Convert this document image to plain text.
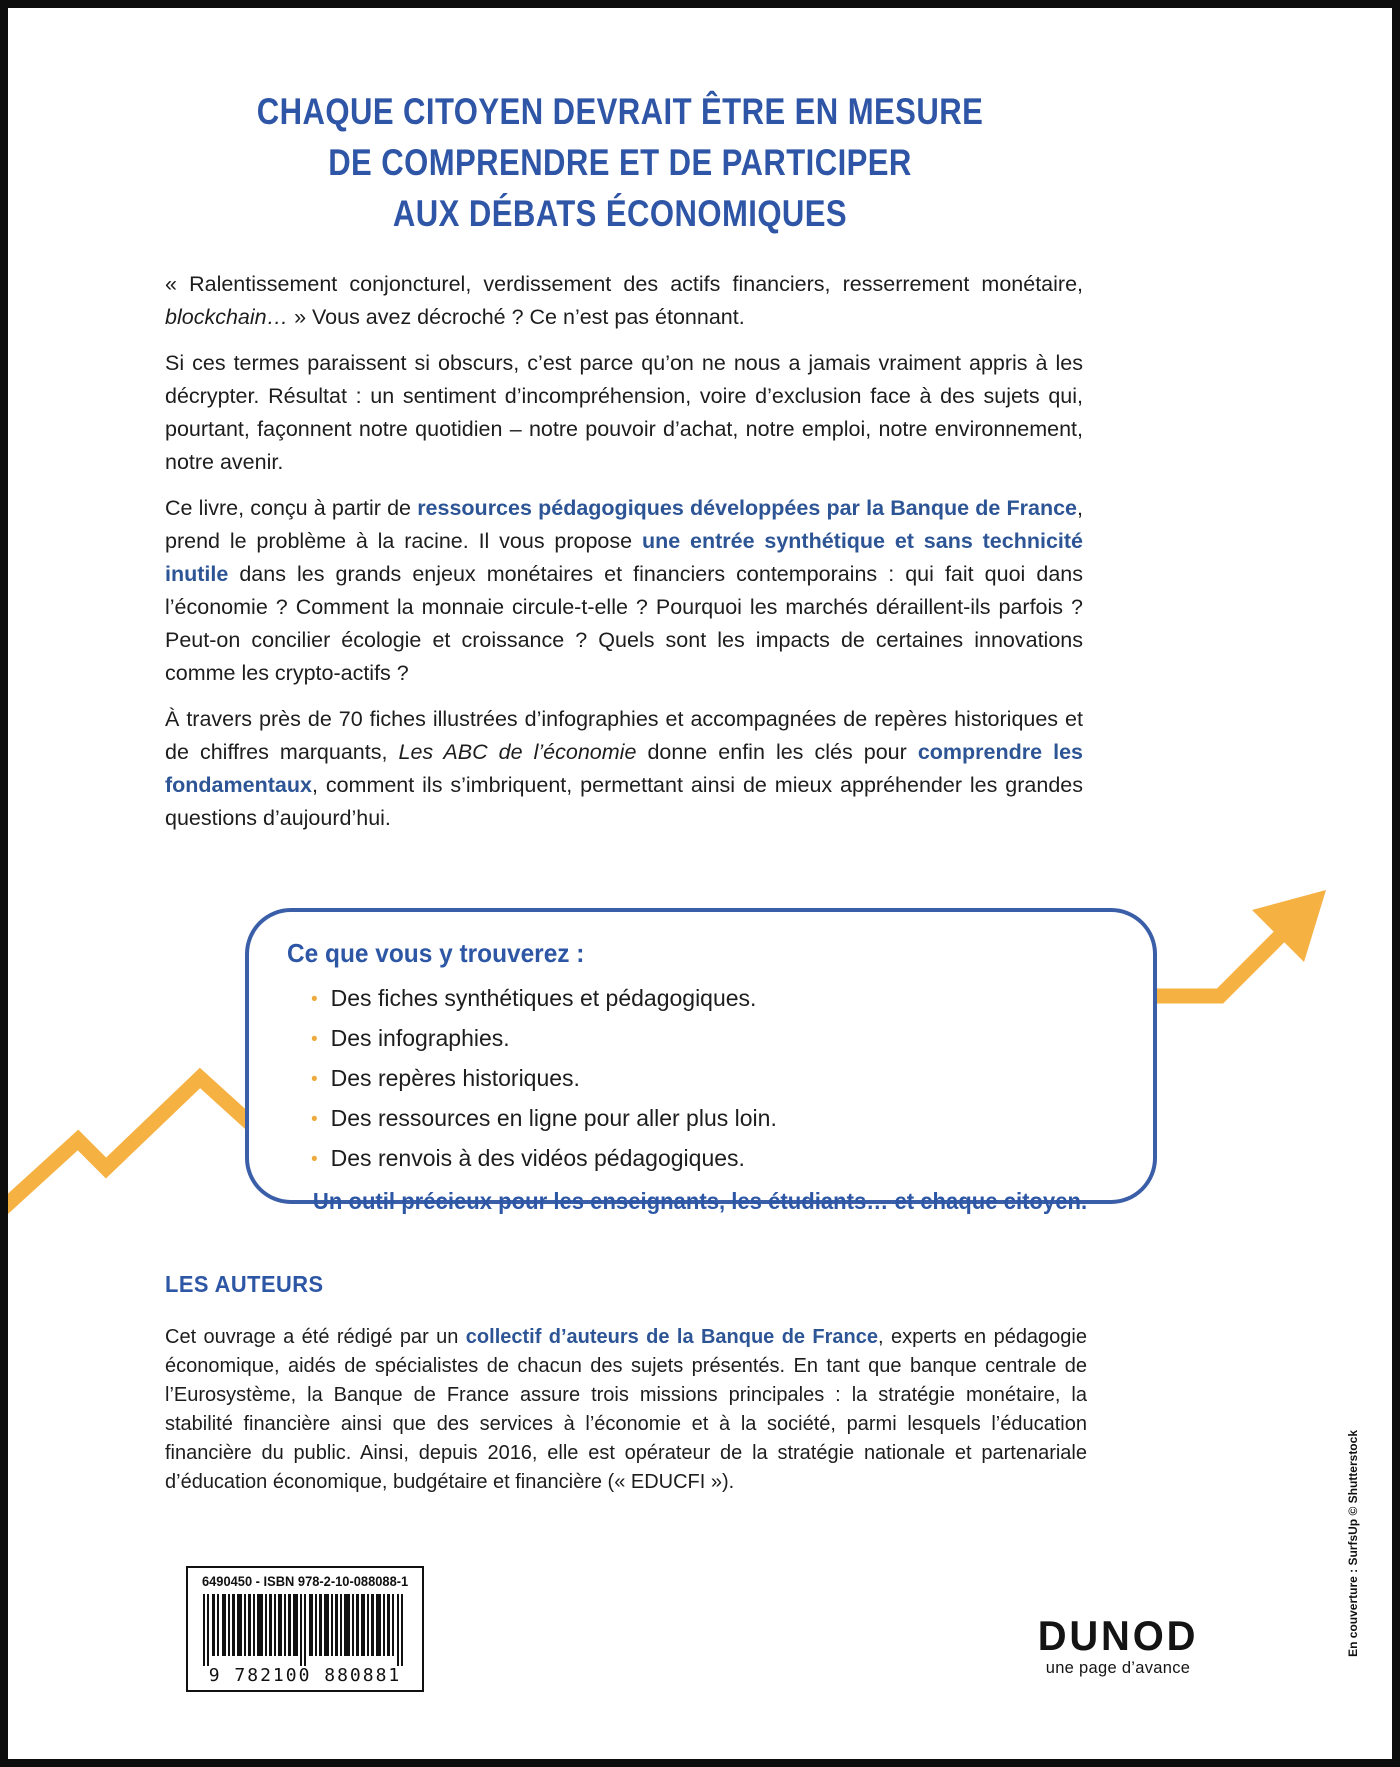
CHAQUE CITOYEN DEVRAIT ÊTRE EN MESURE
DE COMPRENDRE ET DE PARTICIPER
AUX DÉBATS ÉCONOMIQUES

« Ralentissement conjoncturel, verdissement des actifs financiers, resserrement monétaire, blockchain… » Vous avez décroché ? Ce n’est pas étonnant.

Si ces termes paraissent si obscurs, c’est parce qu’on ne nous a jamais vraiment appris à les décrypter. Résultat : un sentiment d’incompréhension, voire d’exclusion face à des sujets qui, pourtant, façonnent notre quotidien – notre pouvoir d’achat, notre emploi, notre environnement, notre avenir.

Ce livre, conçu à partir de ressources pédagogiques développées par la Banque de France, prend le problème à la racine. Il vous propose une entrée synthétique et sans technicité inutile dans les grands enjeux monétaires et financiers contemporains : qui fait quoi dans l’économie ? Comment la monnaie circule-t-elle ? Pourquoi les marchés déraillent-ils parfois ? Peut-on concilier écologie et croissance ? Quels sont les impacts de certaines innovations comme les crypto-actifs ?

À travers près de 70 fiches illustrées d’infographies et accompagnées de repères historiques et de chiffres marquants, Les ABC de l’économie donne enfin les clés pour comprendre les fondamentaux, comment ils s’imbriquent, permettant ainsi de mieux appréhender les grandes questions d’aujourd’hui.

Ce que vous y trouverez :
• Des fiches synthétiques et pédagogiques.
• Des infographies.
• Des repères historiques.
• Des ressources en ligne pour aller plus loin.
• Des renvois à des vidéos pédagogiques.
Un outil précieux pour les enseignants, les étudiants… et chaque citoyen.
LES AUTEURS

Cet ouvrage a été rédigé par un collectif d’auteurs de la Banque de France, experts en pédagogie économique, aidés de spécialistes de chacun des sujets présentés. En tant que banque centrale de l’Eurosystème, la Banque de France assure trois missions principales : la stratégie monétaire, la stabilité financière ainsi que des services à l’économie et à la société, parmi lesquels l’éducation financière du public. Ainsi, depuis 2016, elle est opérateur de la stratégie nationale et partenariale d’éducation économique, budgétaire et financière (« EDUCFI »).

6490450 - ISBN 978-2-10-088088-1
9 782100 880881
DUNOD
une page d’avance
En couverture : SurfsUp © Shutterstock
